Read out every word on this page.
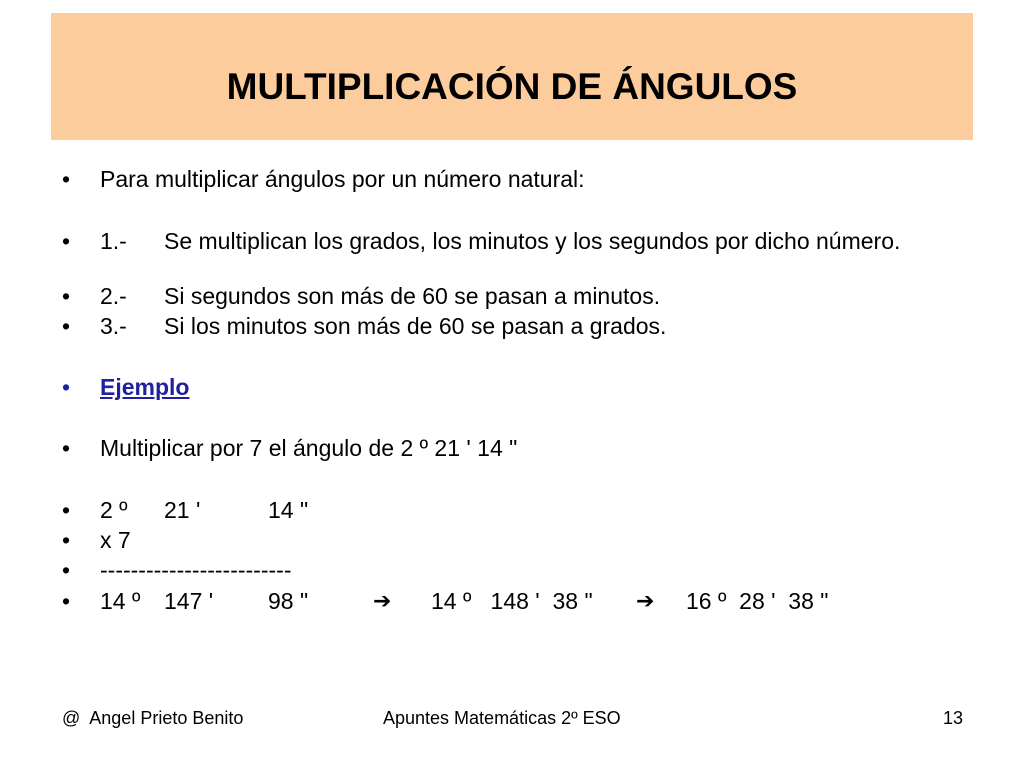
MULTIPLICACIÓN DE ÁNGULOS
• Para multiplicar ángulos por un número natural:
• 1.- Se multiplican los grados, los minutos y los segundos por dicho número.
• 2.- Si segundos son más de 60 se pasan a minutos.
• 3.- Si los minutos son más de 60 se pasan a grados.
• Ejemplo
• Multiplicar por 7 el ángulo de 2 º 21 ' 14 "
• 2 º 21 '	14 "
• x 7
• -------------------------
• 14 º 147 ' 98 "	➔ 14 º   148 '  38 " ➔ 16 º  28 '  38 "
@  Angel Prieto Benito	Apuntes Matemáticas 2º ESO	13
